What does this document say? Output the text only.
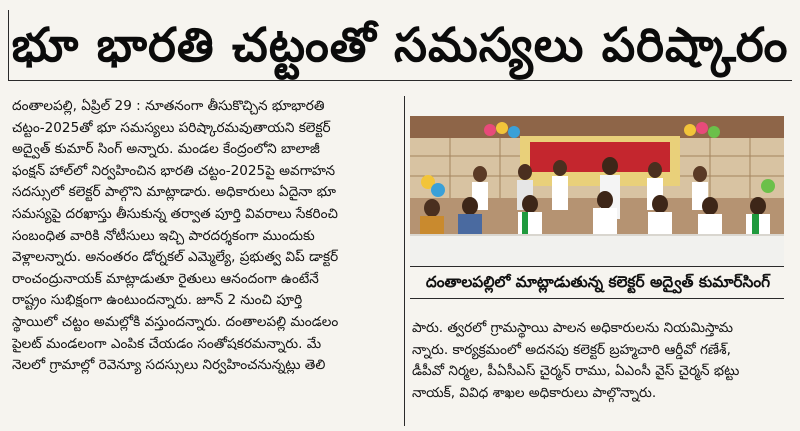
భూ భారతి చట్టంతో సమస్యలు పరిష్కారం
దంతాలపల్లి, ఏప్రిల్ 29 : నూతనంగా తీసుకొచ్చిన భూభారతి
చట్టం-2025తో భూ సమస్యలు పరిష్కారమవుతాయని కలెక్టర్
అద్వైత్ కుమార్ సింగ్ అన్నారు. మండల కేంద్రంలోని బాలాజీ
ఫంక్షన్ హాల్‌లో నిర్వహించిన భారతి చట్టం-2025పై అవగాహన
సదస్సులో కలెక్టర్ పాల్గొని మాట్లాడారు. అధికారులు ఏదైనా భూ
సమస్యపై దరఖాస్తు తీసుకున్న తర్వాత పూర్తి వివరాలు సేకరించి
సంబంధిత వారికి నోటీసులు ఇచ్చి పారదర్శకంగా ముందుకు
వెళ్లాలన్నారు. అనంతరం డోర్నకల్ ఎమ్మెల్యే, ప్రభుత్వ విప్ డాక్టర్
రాంచంద్రునాయక్ మాట్లాడుతూ రైతులు ఆనందంగా ఉంటేనే
రాష్ట్రం సుభిక్షంగా ఉంటుందన్నారు. జూన్ 2 నుంచి పూర్తి
స్థాయిలో చట్టం అమల్లోకి వస్తుందన్నారు. దంతాలపల్లి మండలం
పైలట్ మండలంగా ఎంపిక చేయడం సంతోషకరమన్నారు. మే
నెలలో గ్రామాల్లో రెవెన్యూ సదస్సులు నిర్వహించనున్నట్లు తెలి
దంతాలపల్లిలో మాట్లాడుతున్న కలెక్టర్ అద్వైత్ కుమార్‌సింగ్
పారు. త్వరలో గ్రామస్థాయి పాలన అధికారులను నియమిస్తామ
న్నారు. కార్యక్రమంలో అదనపు కలెక్టర్ బ్రహ్మచారి ఆర్డీవో గణేశ్,
డీపీవో నిర్మల, పీఏసీఎస్ చైర్మన్ రాము, ఏఎంసీ వైస్ చైర్మన్ భట్టు
నాయక్, వివిధ శాఖల అధికారులు పాల్గొన్నారు.
